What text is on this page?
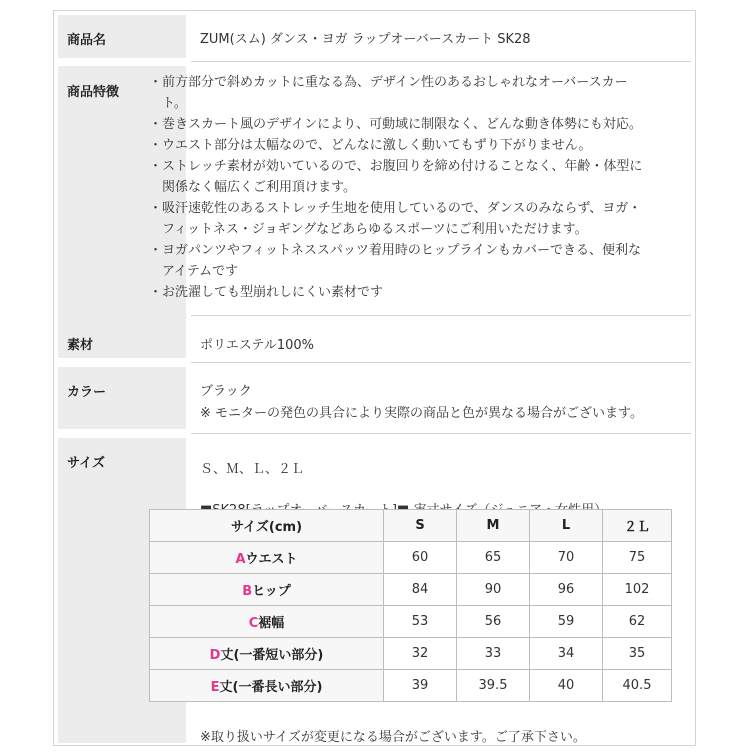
商品名	ZUM(スム) ダンス・ヨガ ラップオーバースカート SK28
商品特徴
・前方部分で斜めカットに重なる為、デザイン性のあるおしゃれなオーバースカー
　ト。
・巻きスカート風のデザインにより、可動域に制限なく、どんな動き体勢にも対応。
・ウエスト部分は太幅なので、どんなに激しく動いてもずり下がりません。
・ストレッチ素材が効いているので、お腹回りを締め付けることなく、年齢・体型に
　関係なく幅広くご利用頂けます。
・吸汗速乾性のあるストレッチ生地を使用しているので、ダンスのみならず、ヨガ・
　フィットネス・ジョギングなどあらゆるスポーツにご利用いただけます。
・ヨガパンツやフィットネススパッツ着用時のヒップラインもカバーできる、便利な
　アイテムです
・お洗濯しても型崩れしにくい素材です
素材	ポリエステル100%
カラー	ブラック
※ モニターの発色の具合により実際の商品と色が異なる場合がございます。
サイズ	Ｓ、Ｍ、Ｌ、２Ｌ
※取り扱いサイズが変更になる場合がございます。ご了承下さい。
サイズ(cm)	S	M	L	２Ｌ
Aウエスト	60	65	70	75
Bヒップ	84	90	96	102
C裾幅	53	56	59	62
D丈(一番短い部分)	32	33	34	35
E丈(一番長い部分)	39	39.5	40	40.5
